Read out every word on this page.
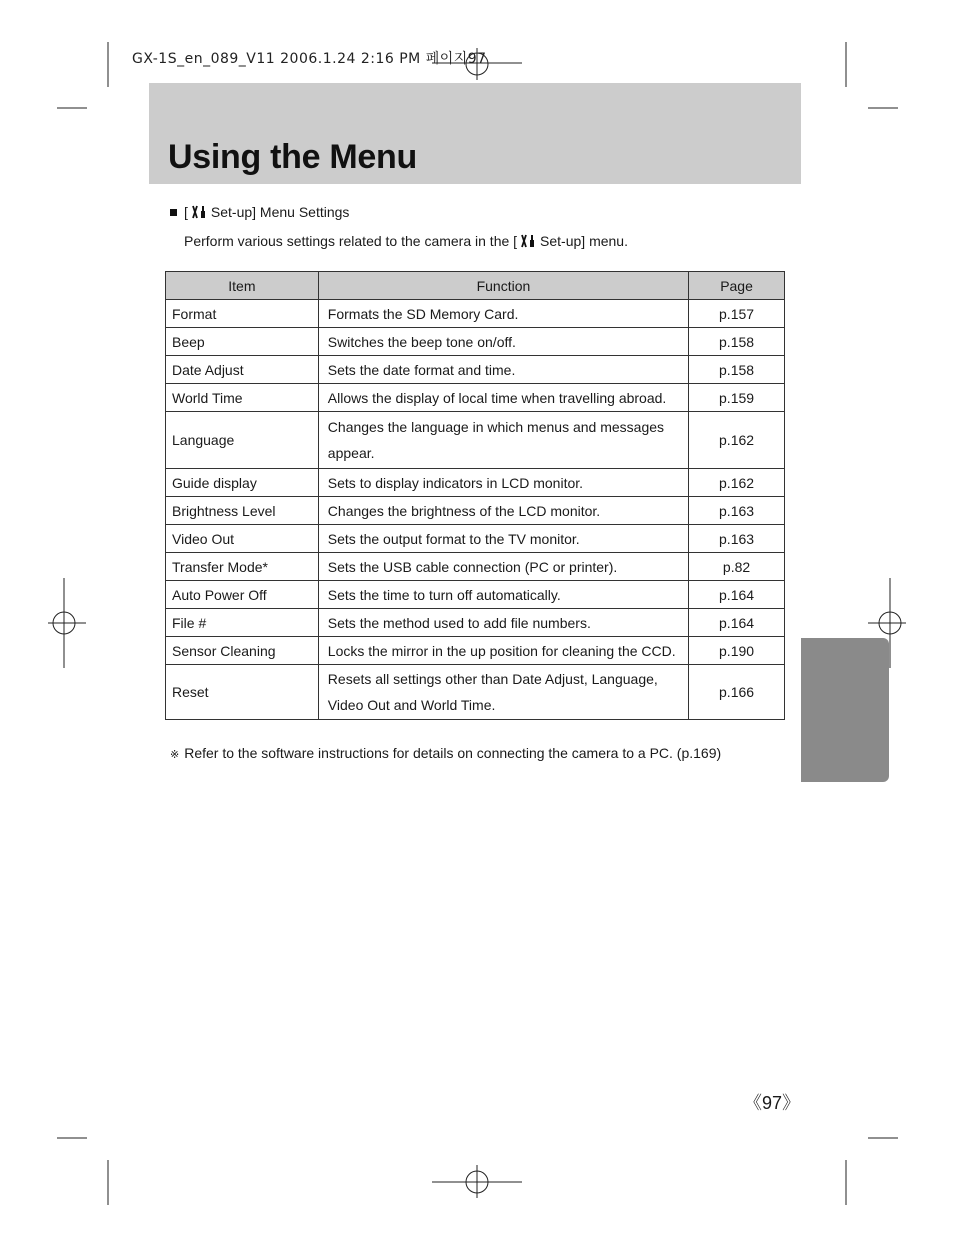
GX-1S_en_089_V11 2006.1.24 2:16 PM 페이지97
Using the Menu
[ Set-up] Menu Settings
Perform various settings related to the camera in the [ Set-up] menu.
Item	Function	Page
Format	Formats the SD Memory Card.	p.157
Beep	Switches the beep tone on/off.	p.158
Date Adjust	Sets the date format and time.	p.158
World Time	Allows the display of local time when travelling abroad.	p.159
Language	Changes the language in which menus and messages appear.	p.162
Guide display	Sets to display indicators in LCD monitor.	p.162
Brightness Level	Changes the brightness of the LCD monitor.	p.163
Video Out	Sets the output format to the TV monitor.	p.163
Transfer Mode*	Sets the USB cable connection (PC or printer).	p.82
Auto Power Off	Sets the time to turn off automatically.	p.164
File #	Sets the method used to add file numbers.	p.164
Sensor Cleaning	Locks the mirror in the up position for cleaning the CCD.	p.190
Reset	Resets all settings other than Date Adjust, Language, Video Out and World Time.	p.166
※ Refer to the software instructions for details on connecting the camera to a PC. (p.169)
《97》
